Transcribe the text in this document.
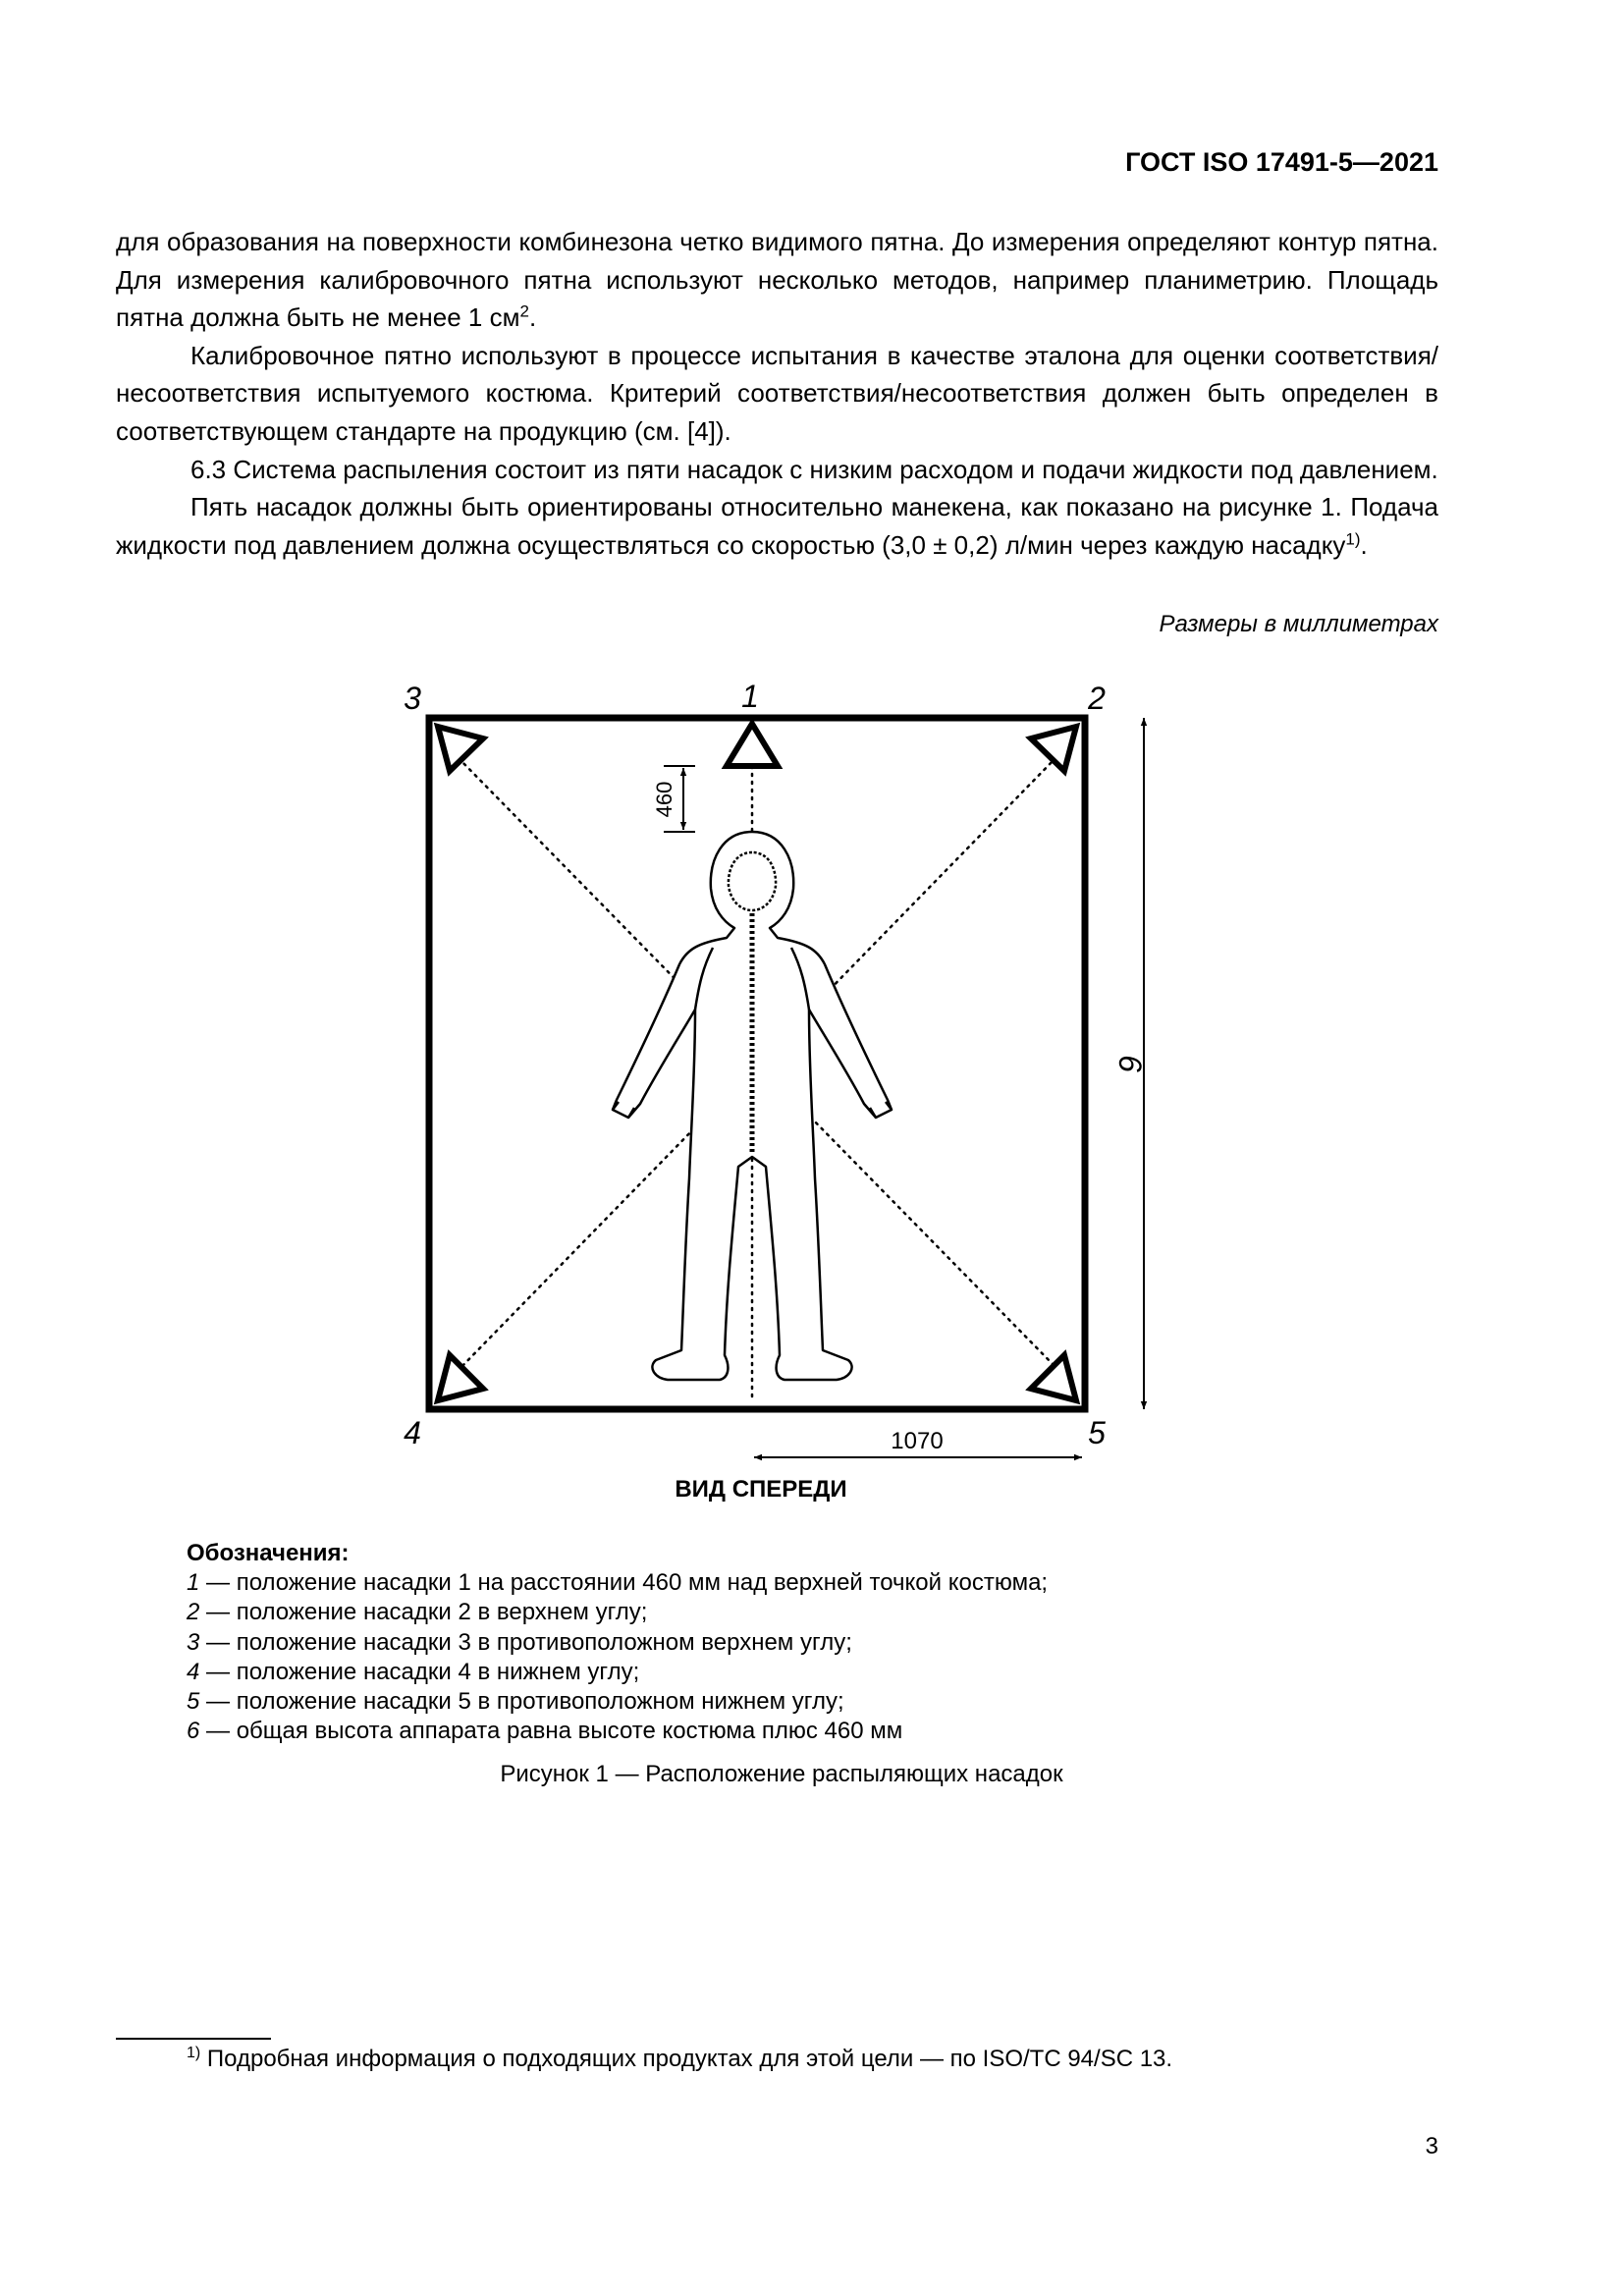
ГОСТ ISO 17491-5—2021

для образования на поверхности комбинезона четко видимого пятна. До измерения определяют контур пятна. Для измерения калибровочного пятна используют несколько методов, например планиметрию. Площадь пятна должна быть не менее 1 $см^2$.

Калибровочное пятно используют в процессе испытания в качестве эталона для оценки соответствия/несоответствия испытуемого костюма. Критерий соответствия/несоответствия должен быть определен в соответствующем стандарте на продукцию (см. [4]).

6.3 Система распыления состоит из пяти насадок с низким расходом и подачи жидкости под давлением.

Пять насадок должны быть ориентированы относительно манекена, как показано на рисунке 1. Подача жидкости под давлением должна осуществляться со скоростью (3,0 ± 0,2) л/мин через каждую насадку$^{1)}$.

Размеры в миллиметрах
460
1070
6
1	2
3
4	5
ВИД СПЕРЕДИ
Обозначения:
1 — положение насадки 1 на расстоянии 460 мм над верхней точкой костюма;
2 — положение насадки 2 в верхнем углу;
3 — положение насадки 3 в противоположном верхнем углу;
4 — положение насадки 4 в нижнем углу;
5 — положение насадки 5 в противоположном нижнем углу;
6 — общая высота аппарата равна высоте костюма плюс 460 мм
Рисунок 1 — Расположение распыляющих насадок
$^{1)}$ Подробная информация о подходящих продуктах для этой цели — по ISO/TC 94/SC 13.
3
